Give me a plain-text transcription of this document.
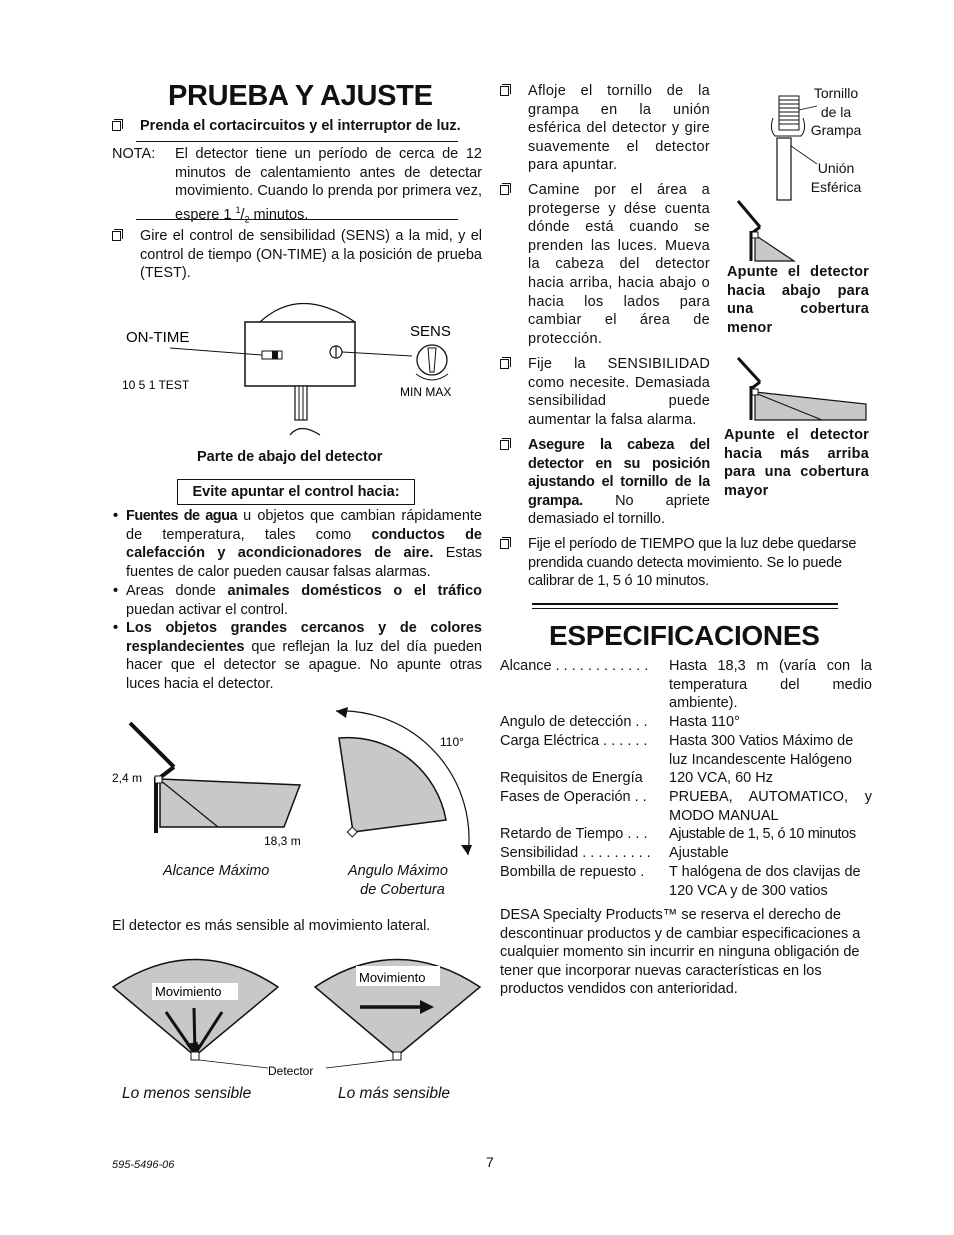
PRUEBA Y AJUSTE
Prenda el cortacircuitos y el interruptor de luz.
NOTA: El detector tiene un período de cerca de 12 minutos de calentamiento antes de detectar movimiento. Cuando lo prenda por primera vez, espere 1 $^1/_2$ minutos.
Gire el control de sensibilidad (SENS) a la mid, y el control de tiempo (ON-TIME) a la posición de prueba (TEST).
ON-TIME
10 5 1 TEST
SENS
MIN MAX
Parte de abajo del detector
Evite apuntar el control hacia:
• Fuentes de agua u objetos que cambian rápidamente de temperatura, tales como conductos de calefacción y acondicionadores de aire. Estas fuentes de calor pueden causar falsas alarmas.
• Areas donde animales domésticos o el tráfico puedan activar el control.
• Los objetos grandes cercanos y de colores resplandecientes que reflejan la luz del día pueden hacer que el detector se apague. No apunte otras luces hacia el detector.
2,4 m
18,3 m
110°
Alcance Máximo	Angulo Máximo
de Cobertura
El detector es más sensible al movimiento lateral.
Movimiento
Movimiento
Detector
Lo menos sensible	Lo más sensible
Afloje el tornillo de la grampa en la unión esférica del detector y gire suavemente el detector para apuntar.
Camine por el área a protegerse y dése cuenta dónde está cuando se prenden las luces. Mueva la cabeza del detector hacia arriba, hacia abajo o hacia los lados para cambiar el área de protección.
Fije la SENSIBILIDAD como necesite. Demasiada sensibilidad puede aumentar la falsa alarma.
Asegure la cabeza del detector en su posición ajustando el tornillo de la grampa. No apriete demasiado el tornillo.
Tornillo
de la
Grampa
Unión
Esférica
Apunte el detector hacia abajo para una cobertura menor
Apunte el detector hacia más arriba para una cobertura mayor
Fije el período de TIEMPO que la luz debe quedarse prendida cuando detecta movimiento. Se lo puede calibrar de 1, 5 ó 10 minutos.
ESPECIFICACIONES
Alcance . . . . . . . . . . . .	Hasta 18,3 m (varía con la temperatura del medio ambiente).
Angulo de detección . .	Hasta 110°
Carga Eléctrica . . . . . .	Hasta 300 Vatios Máximo de luz Incandescente Halógeno
Requisitos de Energía	120 VCA, 60 Hz
Fases de Operación . .	PRUEBA, AUTOMATICO, y MODO MANUAL
Retardo de Tiempo . . .	Ajustable de 1, 5, ó 10 minutos
Sensibilidad . . . . . . . . .	Ajustable
Bombilla de repuesto .	T halógena de dos clavijas de 120 VCA y de 300 vatios
DESA Specialty Products™ se reserva el derecho de descontinuar productos y de cambiar especificaciones a cualquier momento sin incurrir en ninguna obligación de tener que incorporar nuevas características en los productos vendidos con anterioridad.
595-5496-06	7
